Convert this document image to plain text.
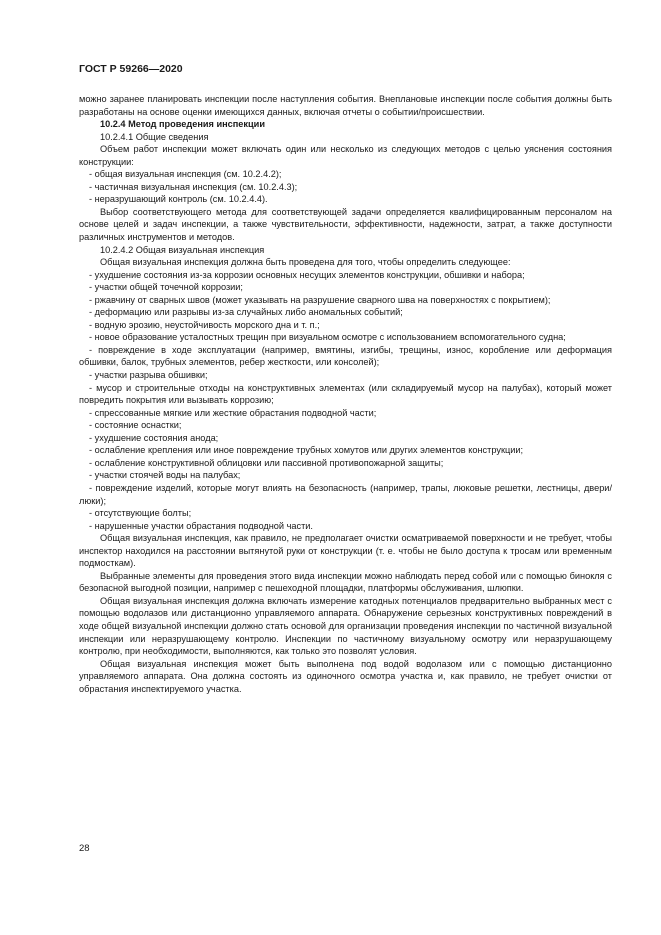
ГОСТ Р 59266—2020

можно заранее планировать инспекции после наступления события. Внеплановые инспекции после события должны быть разработаны на основе оценки имеющихся данных, включая отчеты о событии/происшествии.

10.2.4 Метод проведения инспекции

10.2.4.1 Общие сведения

Объем работ инспекции может включать один или несколько из следующих методов с целью уяснения состояния конструкции:

- общая визуальная инспекция (см. 10.2.4.2);
- частичная визуальная инспекция (см. 10.2.4.3);
- неразрушающий контроль (см. 10.2.4.4).

Выбор соответствующего метода для соответствующей задачи определяется квалифицированным персоналом на основе целей и задач инспекции, а также чувствительности, эффективности, надежности, затрат, а также доступности различных инструментов и методов.

10.2.4.2 Общая визуальная инспекция

Общая визуальная инспекция должна быть проведена для того, чтобы определить следующее:

- ухудшение состояния из-за коррозии основных несущих элементов конструкции, обшивки и набора;
- участки общей точечной коррозии;
- ржавчину от сварных швов (может указывать на разрушение сварного шва на поверхностях с покрытием);
- деформацию или разрывы из-за случайных либо аномальных событий;
- водную эрозию, неустойчивость морского дна и т. п.;
- новое образование усталостных трещин при визуальном осмотре с использованием вспомогательного судна;
- повреждение в ходе эксплуатации (например, вмятины, изгибы, трещины, износ, коробление или деформация обшивки, балок, трубных элементов, ребер жесткости, или консолей);
- участки разрыва обшивки;
- мусор и строительные отходы на конструктивных элементах (или складируемый мусор на палубах), который может повредить покрытия или вызывать коррозию;
- спрессованные мягкие или жесткие обрастания подводной части;
- состояние оснастки;
- ухудшение состояния анода;
- ослабление крепления или иное повреждение трубных хомутов или других элементов конструкции;
- ослабление конструктивной облицовки или пассивной противопожарной защиты;
- участки стоячей воды на палубах;
- повреждение изделий, которые могут влиять на безопасность (например, трапы, люковые решетки, лестницы, двери/люки);
- отсутствующие болты;
- нарушенные участки обрастания подводной части.

Общая визуальная инспекция, как правило, не предполагает очистки осматриваемой поверхности и не требует, чтобы инспектор находился на расстоянии вытянутой руки от конструкции (т. е. чтобы не было доступа к тросам или временным подмосткам).

Выбранные элементы для проведения этого вида инспекции можно наблюдать перед собой или с помощью бинокля с безопасной выгодной позиции, например с пешеходной площадки, платформы обслуживания, шлюпки.

Общая визуальная инспекция должна включать измерение катодных потенциалов предварительно выбранных мест с помощью водолазов или дистанционно управляемого аппарата. Обнаружение серьезных конструктивных повреждений в ходе общей визуальной инспекции должно стать основой для организации проведения инспекции по частичной визуальной инспекции или неразрушающему контролю. Инспекции по частичному визуальному осмотру или неразрушающему контролю, при необходимости, выполняются, как только это позволят условия.

Общая визуальная инспекция может быть выполнена под водой водолазом или с помощью дистанционно управляемого аппарата. Она должна состоять из одиночного осмотра участка и, как правило, не требует очистки от обрастания инспектируемого участка.

28
